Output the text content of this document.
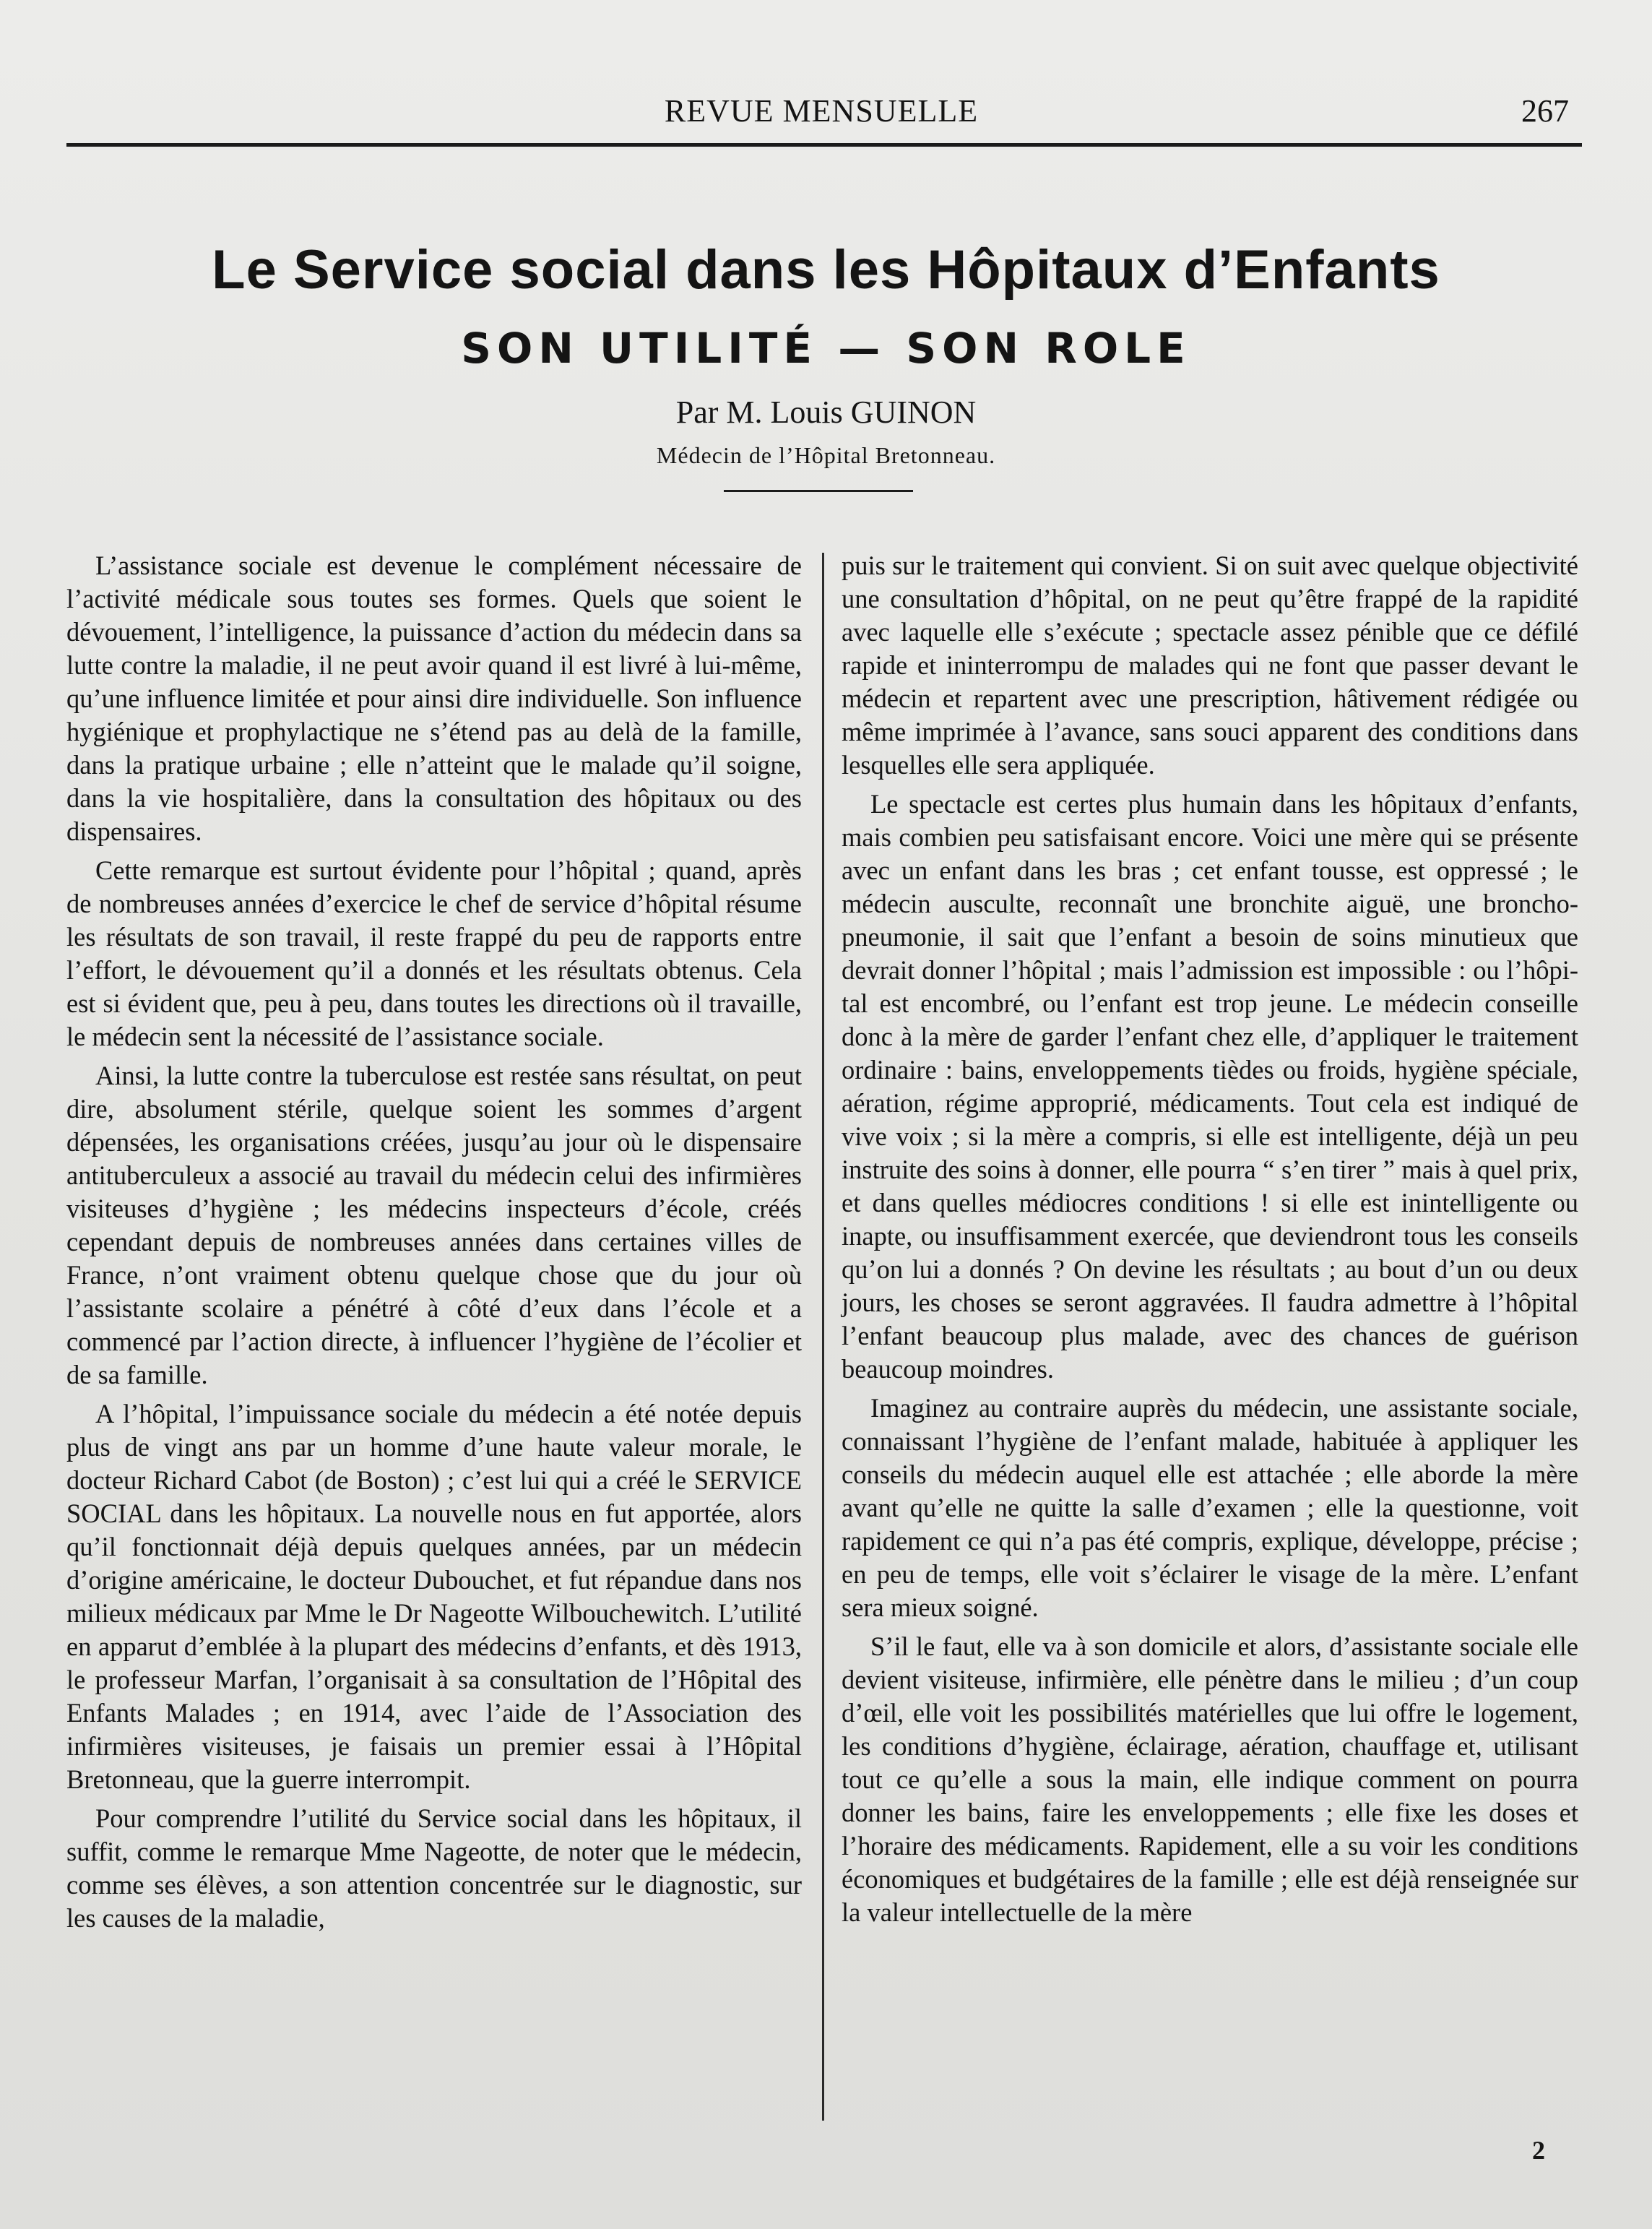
REVUE MENSUELLE	267
Le Service social dans les Hôpitaux d’Enfants
SON UTILITÉ — SON ROLE
Par M. Louis GUINON
Médecin de l’Hôpital Bretonneau.

L’assistance sociale est devenue le complément nécessaire de l’activité médicale sous toutes ses formes. Quels que soient le dévouement, l’intelligence, la puissance d’action du médecin dans sa lutte contre la maladie, il ne peut avoir quand il est livré à lui-même, qu’une influence limitée et pour ainsi dire individuelle. Son influence hygiénique et prophylactique ne s’étend pas au delà de la famille, dans la pratique urbaine ; elle n’atteint que le malade qu’il soigne, dans la vie hospitalière, dans la consultation des hôpitaux ou des dispensaires.

Cette remarque est surtout évidente pour l’hôpital ; quand, après de nombreuses années d’exercice le chef de service d’hôpital résume les résultats de son travail, il reste frappé du peu de rapports entre l’effort, le dévouement qu’il a donnés et les résultats obtenus. Cela est si évident que, peu à peu, dans toutes les directions où il travaille, le médecin sent la nécessité de l’assistance sociale.

Ainsi, la lutte contre la tuberculose est restée sans résultat, on peut dire, absolument stérile, quelque soient les sommes d’argent dépensées, les organisations créées, jusqu’au jour où le dispensaire antituberculeux a associé au travail du médecin celui des infirmières visiteuses d’hygiène ; les médecins inspecteurs d’école, créés cependant depuis de nombreuses années dans certaines villes de France, n’ont vraiment obtenu quelque chose que du jour où l’assistante scolaire a pénétré à côté d’eux dans l’école et a commencé par l’action directe, à influencer l’hygiène de l’écolier et de sa famille.

A l’hôpital, l’impuissance sociale du médecin a été notée depuis plus de vingt ans par un homme d’une haute valeur morale, le docteur Richard Cabot (de Boston) ; c’est lui qui a créé le SERVICE SOCIAL dans les hôpitaux. La nouvelle nous en fut apportée, alors qu’il fonctionnait déjà depuis quelques années, par un médecin d’origine américaine, le docteur Dubouchet, et fut répandue dans nos milieux médicaux par Mme le Dr Nageotte Wilbouchewitch. L’utilité en apparut d’emblée à la plupart des médecins d’enfants, et dès 1913, le professeur Marfan, l’organisait à sa consultation de l’Hôpital des Enfants Malades ; en 1914, avec l’aide de l’Association des infirmières visiteuses, je faisais un premier essai à l’Hôpital Bretonneau, que la guerre interrompit.

Pour comprendre l’utilité du Service social dans les hôpitaux, il suffit, comme le remarque Mme Nageotte, de noter que le médecin, comme ses élèves, a son attention concentrée sur le diagnostic, sur les causes de la maladie,

puis sur le traitement qui convient. Si on suit avec quelque objectivité une consultation d’hôpital, on ne peut qu’être frappé de la rapidité avec laquelle elle s’exécute ; spectacle assez pénible que ce défilé rapide et ininterrompu de malades qui ne font que passer devant le médecin et repartent avec une prescription, hâtivement rédigée ou même imprimée à l’avance, sans souci apparent des conditions dans lesquelles elle sera appliquée.

Le spectacle est certes plus humain dans les hôpitaux d’enfants, mais combien peu satisfaisant encore. Voici une mère qui se présente avec un enfant dans les bras ; cet enfant tousse, est oppressé ; le médecin ausculte, reconnaît une bronchite aiguë, une broncho-pneumonie, il sait que l’enfant a besoin de soins minutieux que devrait donner l’hôpital ; mais l’admission est impossible : ou l’hôpital est encombré, ou l’enfant est trop jeune. Le médecin conseille donc à la mère de garder l’enfant chez elle, d’appliquer le traitement ordinaire : bains, enveloppements tièdes ou froids, hygiène spéciale, aération, régime approprié, médicaments. Tout cela est indiqué de vive voix ; si la mère a compris, si elle est intelligente, déjà un peu instruite des soins à donner, elle pourra “ s’en tirer ” mais à quel prix, et dans quelles médiocres conditions ! si elle est inintelligente ou inapte, ou insuffisamment exercée, que deviendront tous les conseils qu’on lui a donnés ? On devine les résultats ; au bout d’un ou deux jours, les choses se seront aggravées. Il faudra admettre à l’hôpital l’enfant beaucoup plus malade, avec des chances de guérison beaucoup moindres.

Imaginez au contraire auprès du médecin, une assistante sociale, connaissant l’hygiène de l’enfant malade, habituée à appliquer les conseils du médecin auquel elle est attachée ; elle aborde la mère avant qu’elle ne quitte la salle d’examen ; elle la questionne, voit rapidement ce qui n’a pas été compris, explique, développe, précise ; en peu de temps, elle voit s’éclairer le visage de la mère. L’enfant sera mieux soigné.

S’il le faut, elle va à son domicile et alors, d’assistante sociale elle devient visiteuse, infirmière, elle pénètre dans le milieu ; d’un coup d’œil, elle voit les possibilités matérielles que lui offre le logement, les conditions d’hygiène, éclairage, aération, chauffage et, utilisant tout ce qu’elle a sous la main, elle indique comment on pourra donner les bains, faire les enveloppements ; elle fixe les doses et l’horaire des médicaments. Rapidement, elle a su voir les conditions économiques et budgétaires de la famille ; elle est déjà renseignée sur la valeur intellectuelle de la mère

2
